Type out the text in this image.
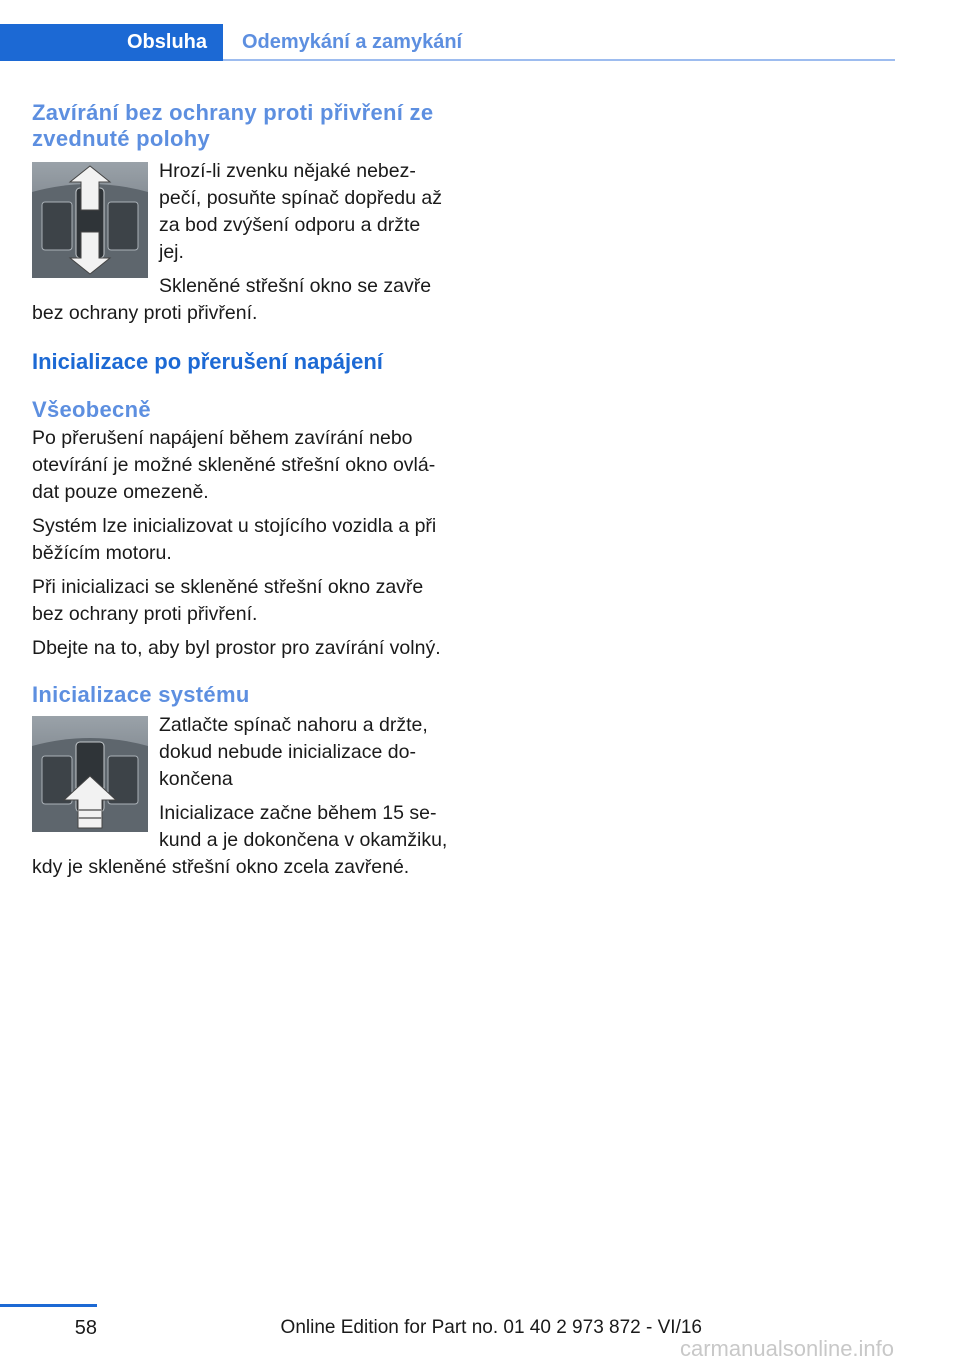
Obsluha	Odemykání a zamykání
Zavírání bez ochrany proti přivření ze zvednuté polohy

Hrozí-li zvenku nějaké nebezpečí, posuňte spínač dopředu až za bod zvýšení odporu a držte jej.

Skleněné střešní okno se zavře bez ochrany proti přivření.

Inicializace po přerušení napájení
Všeobecně

Po přerušení napájení během zavírání nebo otevírání je možné skleněné střešní okno ovládat pouze omezeně.

Systém lze inicializovat u stojícího vozidla a při běžícím motoru.

Při inicializaci se skleněné střešní okno zavře bez ochrany proti přivření.

Dbejte na to, aby byl prostor pro zavírání volný.

Inicializace systému

Zatlačte spínač nahoru a držte, dokud nebude inicializace dokončena

Inicializace začne během 15 sekund a je dokončena v okamžiku, kdy je skleněné střešní okno zcela zavřené.

58	Online Edition for Part no. 01 40 2 973 872 - VI/16
carmanualsonline.info
